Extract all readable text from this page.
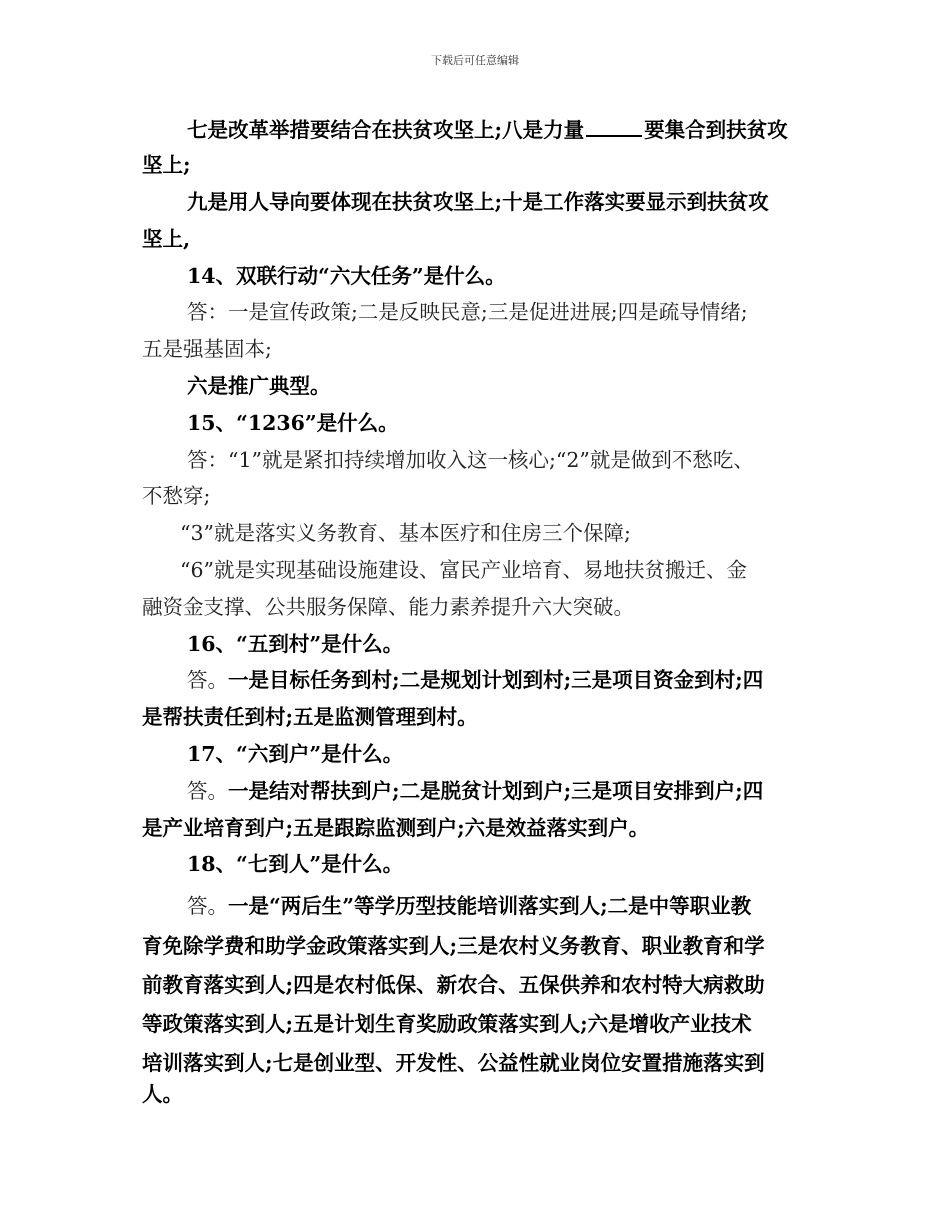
下载后可任意编辑
七是改革举措要结合在扶贫攻坚上;八是力量	要集合到扶贫攻
坚上;
九是用人导向要体现在扶贫攻坚上;十是工作落实要显示到扶贫攻
坚上,
14、双联行动“六大任务”是什么。
答：一是宣传政策;二是反映民意;三是促进进展;四是疏导情绪;
五是强基固本;
六是推广典型。
15、“1236”是什么。
答：“1”就是紧扣持续增加收入这一核心;“2”就是做到不愁吃、
不愁穿;
“3”就是落实义务教育、基本医疗和住房三个保障;
“6”就是实现基础设施建设、富民产业培育、易地扶贫搬迁、金
融资金支撑、公共服务保障、能力素养提升六大突破。
16、“五到村”是什么。
答。一是目标任务到村;二是规划计划到村;三是项目资金到村;四
是帮扶责任到村;五是监测管理到村。
17、“六到户”是什么。
答。一是结对帮扶到户;二是脱贫计划到户;三是项目安排到户;四
是产业培育到户;五是跟踪监测到户;六是效益落实到户。
18、“七到人”是什么。
答。一是“两后生”等学历型技能培训落实到人;二是中等职业教
育免除学费和助学金政策落实到人;三是农村义务教育、职业教育和学
前教育落实到人;四是农村低保、新农合、五保供养和农村特大病救助
等政策落实到人;五是计划生育奖励政策落实到人;六是增收产业技术
培训落实到人;七是创业型、开发性、公益性就业岗位安置措施落实到
人。
